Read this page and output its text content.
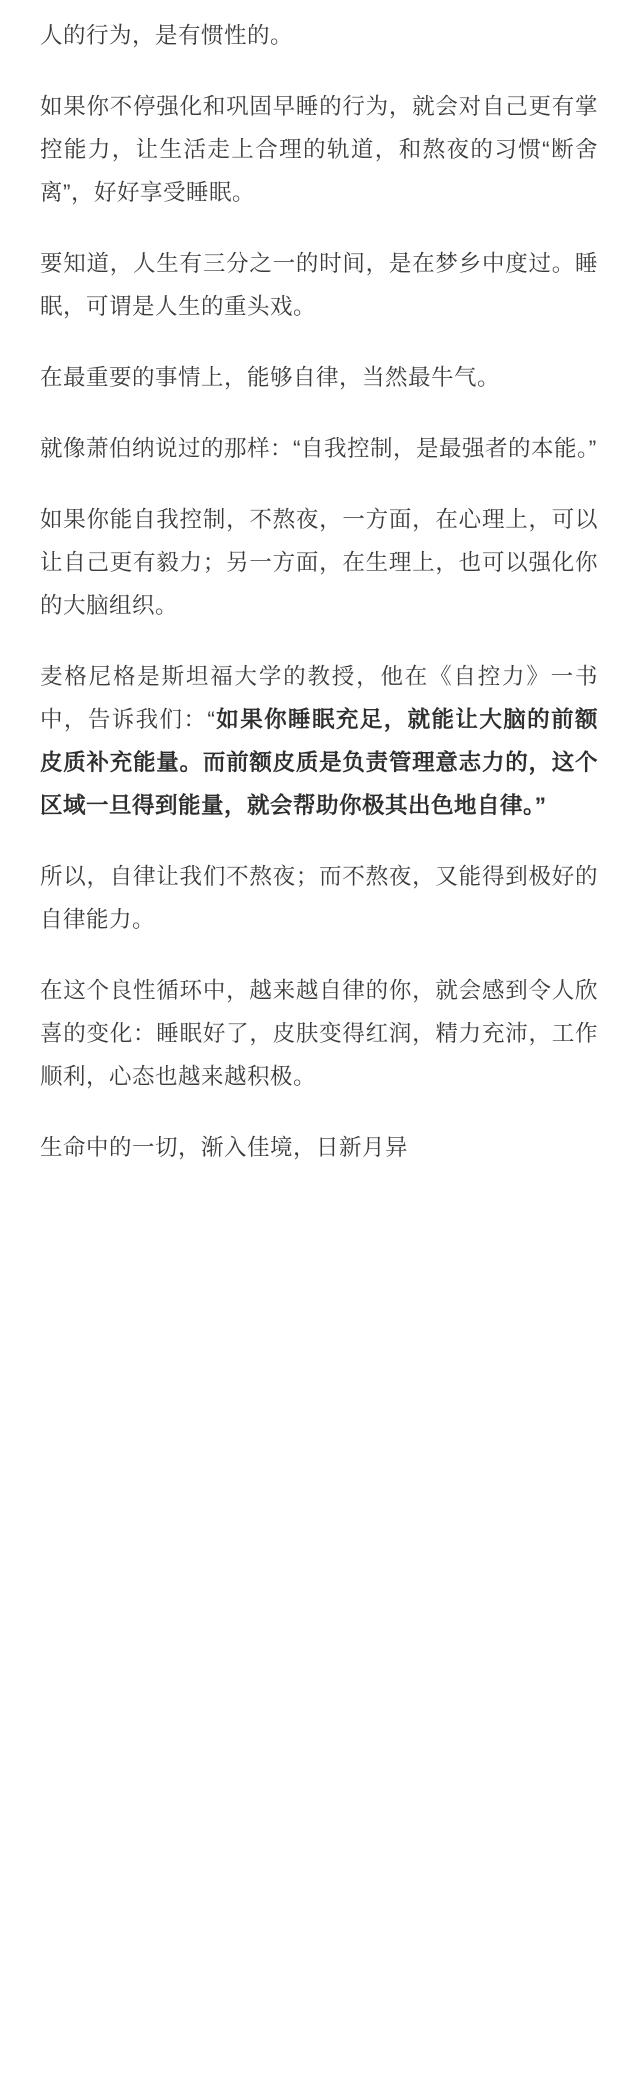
人的行为，是有惯性的。

如果你不停强化和巩固早睡的行为，就会对自己更有掌控能力，让生活走上合理的轨道，和熬夜的习惯“断舍离”，好好享受睡眠。

要知道，人生有三分之一的时间，是在梦乡中度过。睡眠，可谓是人生的重头戏。

在最重要的事情上，能够自律，当然最牛气。

就像萧伯纳说过的那样：“自我控制，是最强者的本能。”

如果你能自我控制，不熬夜，一方面，在心理上，可以让自己更有毅力；另一方面，在生理上，也可以强化你的大脑组织。

麦格尼格是斯坦福大学的教授，他在《自控力》一书中，告诉我们：“如果你睡眠充足，就能让大脑的前额皮质补充能量。而前额皮质是负责管理意志力的，这个区域一旦得到能量，就会帮助你极其出色地自律。”

所以，自律让我们不熬夜；而不熬夜，又能得到极好的自律能力。

在这个良性循环中，越来越自律的你，就会感到令人欣喜的变化：睡眠好了，皮肤变得红润，精力充沛，工作顺利，心态也越来越积极。

生命中的一切，渐入佳境，日新月异
